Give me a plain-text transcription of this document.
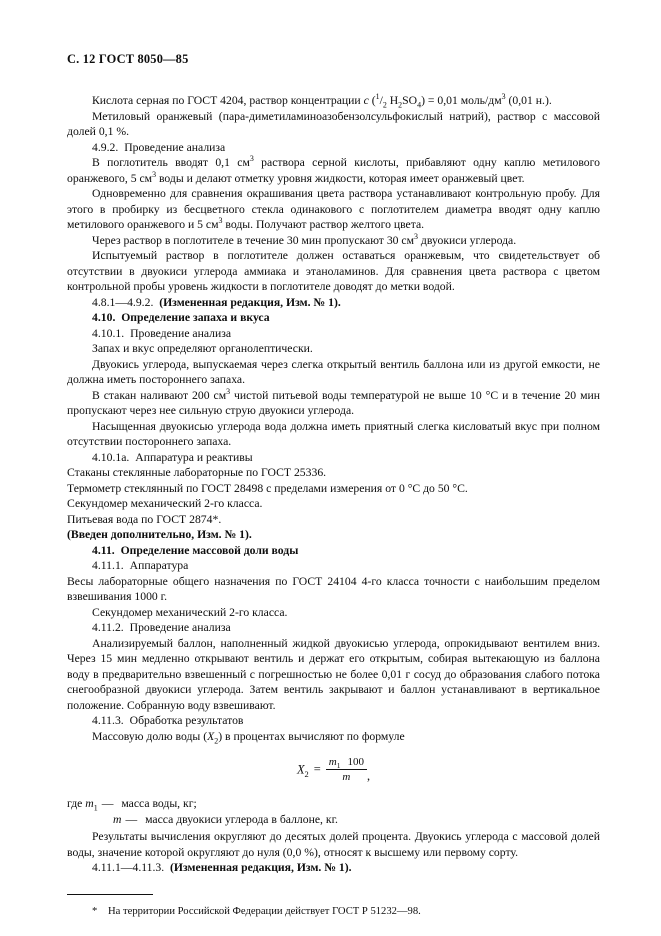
С. 12 ГОСТ 8050—85

Кислота серная по ГОСТ 4204, раствор концентрации c ($^1/_2$ $H_2SO_4) = 0,01$ моль/$дм^3$ (0,01 н.).

Метиловый оранжевый (пара-диметиламиноазобензолсульфокислый натрий), раствор с массовой долей 0,1 %.

4.9.2. Проведение анализа

В поглотитель вводят 0,1 $см^3$ раствора серной кислоты, прибавляют одну каплю метилового оранжевого, 5 $см^3$ воды и делают отметку уровня жидкости, которая имеет оранжевый цвет.

Одновременно для сравнения окрашивания цвета раствора устанавливают контрольную пробу. Для этого в пробирку из бесцветного стекла одинакового с поглотителем диаметра вводят одну каплю метилового оранжевого и 5 $см^3$ воды. Получают раствор желтого цвета.

Через раствор в поглотителе в течение 30 мин пропускают 30 $см^3$ двуокиси углерода.

Испытуемый раствор в поглотителе должен оставаться оранжевым, что свидетельствует об отсутствии в двуокиси углерода аммиака и этаноламинов. Для сравнения цвета раствора с цветом контрольной пробы уровень жидкости в поглотителе доводят до метки водой.

4.8.1—4.9.2. (Измененная редакция, Изм. № 1).

4.10. Определение запаха и вкуса

4.10.1. Проведение анализа

Запах и вкус определяют органолептически.

Двуокись углерода, выпускаемая через слегка открытый вентиль баллона или из другой емкости, не должна иметь постороннего запаха.

В стакан наливают 200 $см^3$ чистой питьевой воды температурой не выше 10 °С и в течение 20 мин пропускают через нее сильную струю двуокиси углерода.

Насыщенная двуокисью углерода вода должна иметь приятный слегка кисловатый вкус при полном отсутствии постороннего запаха.

4.10.1а. Аппаратура и реактивы

Стаканы стеклянные лабораторные по ГОСТ 25336.

Термометр стеклянный по ГОСТ 28498 с пределами измерения от 0 °С до 50 °С.

Секундомер механический 2-го класса.

Питьевая вода по ГОСТ 2874*.

(Введен дополнительно, Изм. № 1).

4.11. Определение массовой доли воды

4.11.1. Аппаратура

Весы лабораторные общего назначения по ГОСТ 24104 4-го класса точности с наибольшим пределом взвешивания 1000 г.

Секундомер механический 2-го класса.

4.11.2. Проведение анализа

Анализируемый баллон, наполненный жидкой двуокисью углерода, опрокидывают вентилем вниз. Через 15 мин медленно открывают вентиль и держат его открытым, собирая вытекающую из баллона воду в предварительно взвешенный с погрешностью не более 0,01 г сосуд до образования слабого потока снегообразной двуокиси углерода. Затем вентиль закрывают и баллон устанавливают в вертикальное положение. Собранную воду взвешивают.

4.11.3. Обработка результатов

Массовую долю воды $(X_2)$ в процентах вычисляют по формуле

$X_2 = \frac{m_1 100}{m}$ ,

где $m_1$ — масса воды, кг;

m — масса двуокиси углерода в баллоне, кг.

Результаты вычисления округляют до десятых долей процента. Двуокись углерода с массовой долей воды, значение которой округляют до нуля (0,0 %), относят к высшему или первому сорту.

4.11.1—4.11.3. (Измененная редакция, Изм. № 1).

* На территории Российской Федерации действует ГОСТ Р 51232—98.
